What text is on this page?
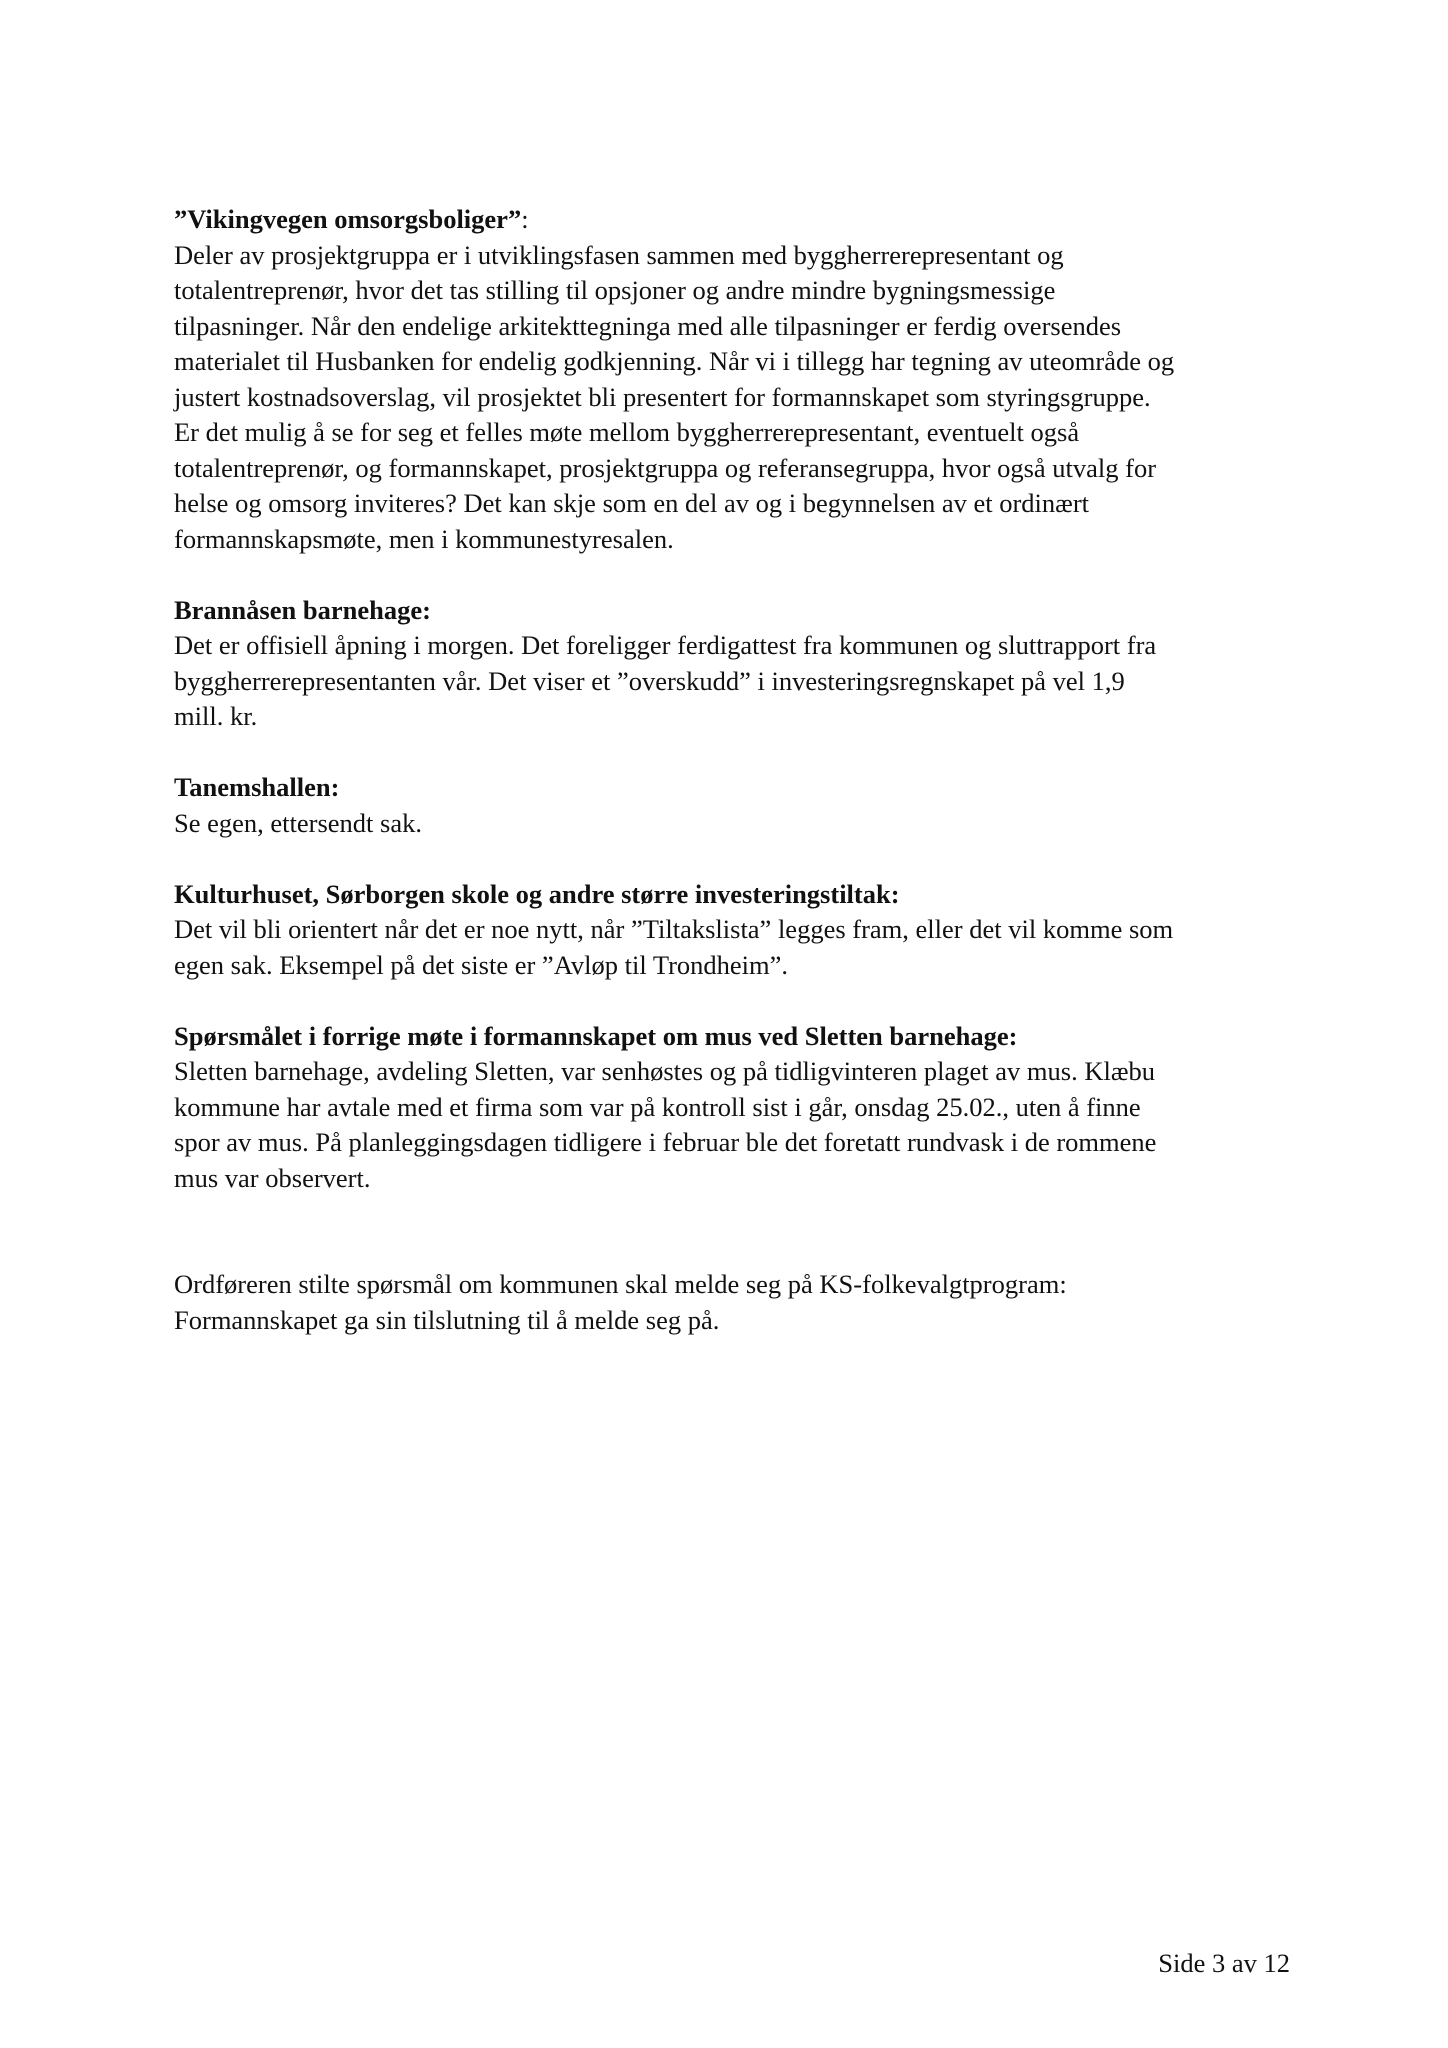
”Vikingvegen omsorgsboliger”:
Deler av prosjektgruppa er i utviklingsfasen sammen med byggherrerepresentant og
totalentreprenør, hvor det tas stilling til opsjoner og andre mindre bygningsmessige
tilpasninger. Når den endelige arkitekttegninga med alle tilpasninger er ferdig oversendes
materialet til Husbanken for endelig godkjenning. Når vi i tillegg har tegning av uteområde og
justert kostnadsoverslag, vil prosjektet bli presentert for formannskapet som styringsgruppe.
Er det mulig å se for seg et felles møte mellom byggherrerepresentant, eventuelt også
totalentreprenør, og formannskapet, prosjektgruppa og referansegruppa, hvor også utvalg for
helse og omsorg inviteres? Det kan skje som en del av og i begynnelsen av et ordinært
formannskapsmøte, men i kommunestyresalen.
Brannåsen barnehage:
Det er offisiell åpning i morgen. Det foreligger ferdigattest fra kommunen og sluttrapport fra
byggherrerepresentanten vår. Det viser et ”overskudd” i investeringsregnskapet på vel 1,9
mill. kr.
Tanemshallen:
Se egen, ettersendt sak.
Kulturhuset, Sørborgen skole og andre større investeringstiltak:
Det vil bli orientert når det er noe nytt, når ”Tiltakslista” legges fram, eller det vil komme som
egen sak. Eksempel på det siste er ”Avløp til Trondheim”.
Spørsmålet i forrige møte i formannskapet om mus ved Sletten barnehage:
Sletten barnehage, avdeling Sletten, var senhøstes og på tidligvinteren plaget av mus. Klæbu
kommune har avtale med et firma som var på kontroll sist i går, onsdag 25.02., uten å finne
spor av mus. På planleggingsdagen tidligere i februar ble det foretatt rundvask i de rommene
mus var observert.
Ordføreren stilte spørsmål om kommunen skal melde seg på KS-folkevalgtprogram:
Formannskapet ga sin tilslutning til å melde seg på.
Side 3 av 12
